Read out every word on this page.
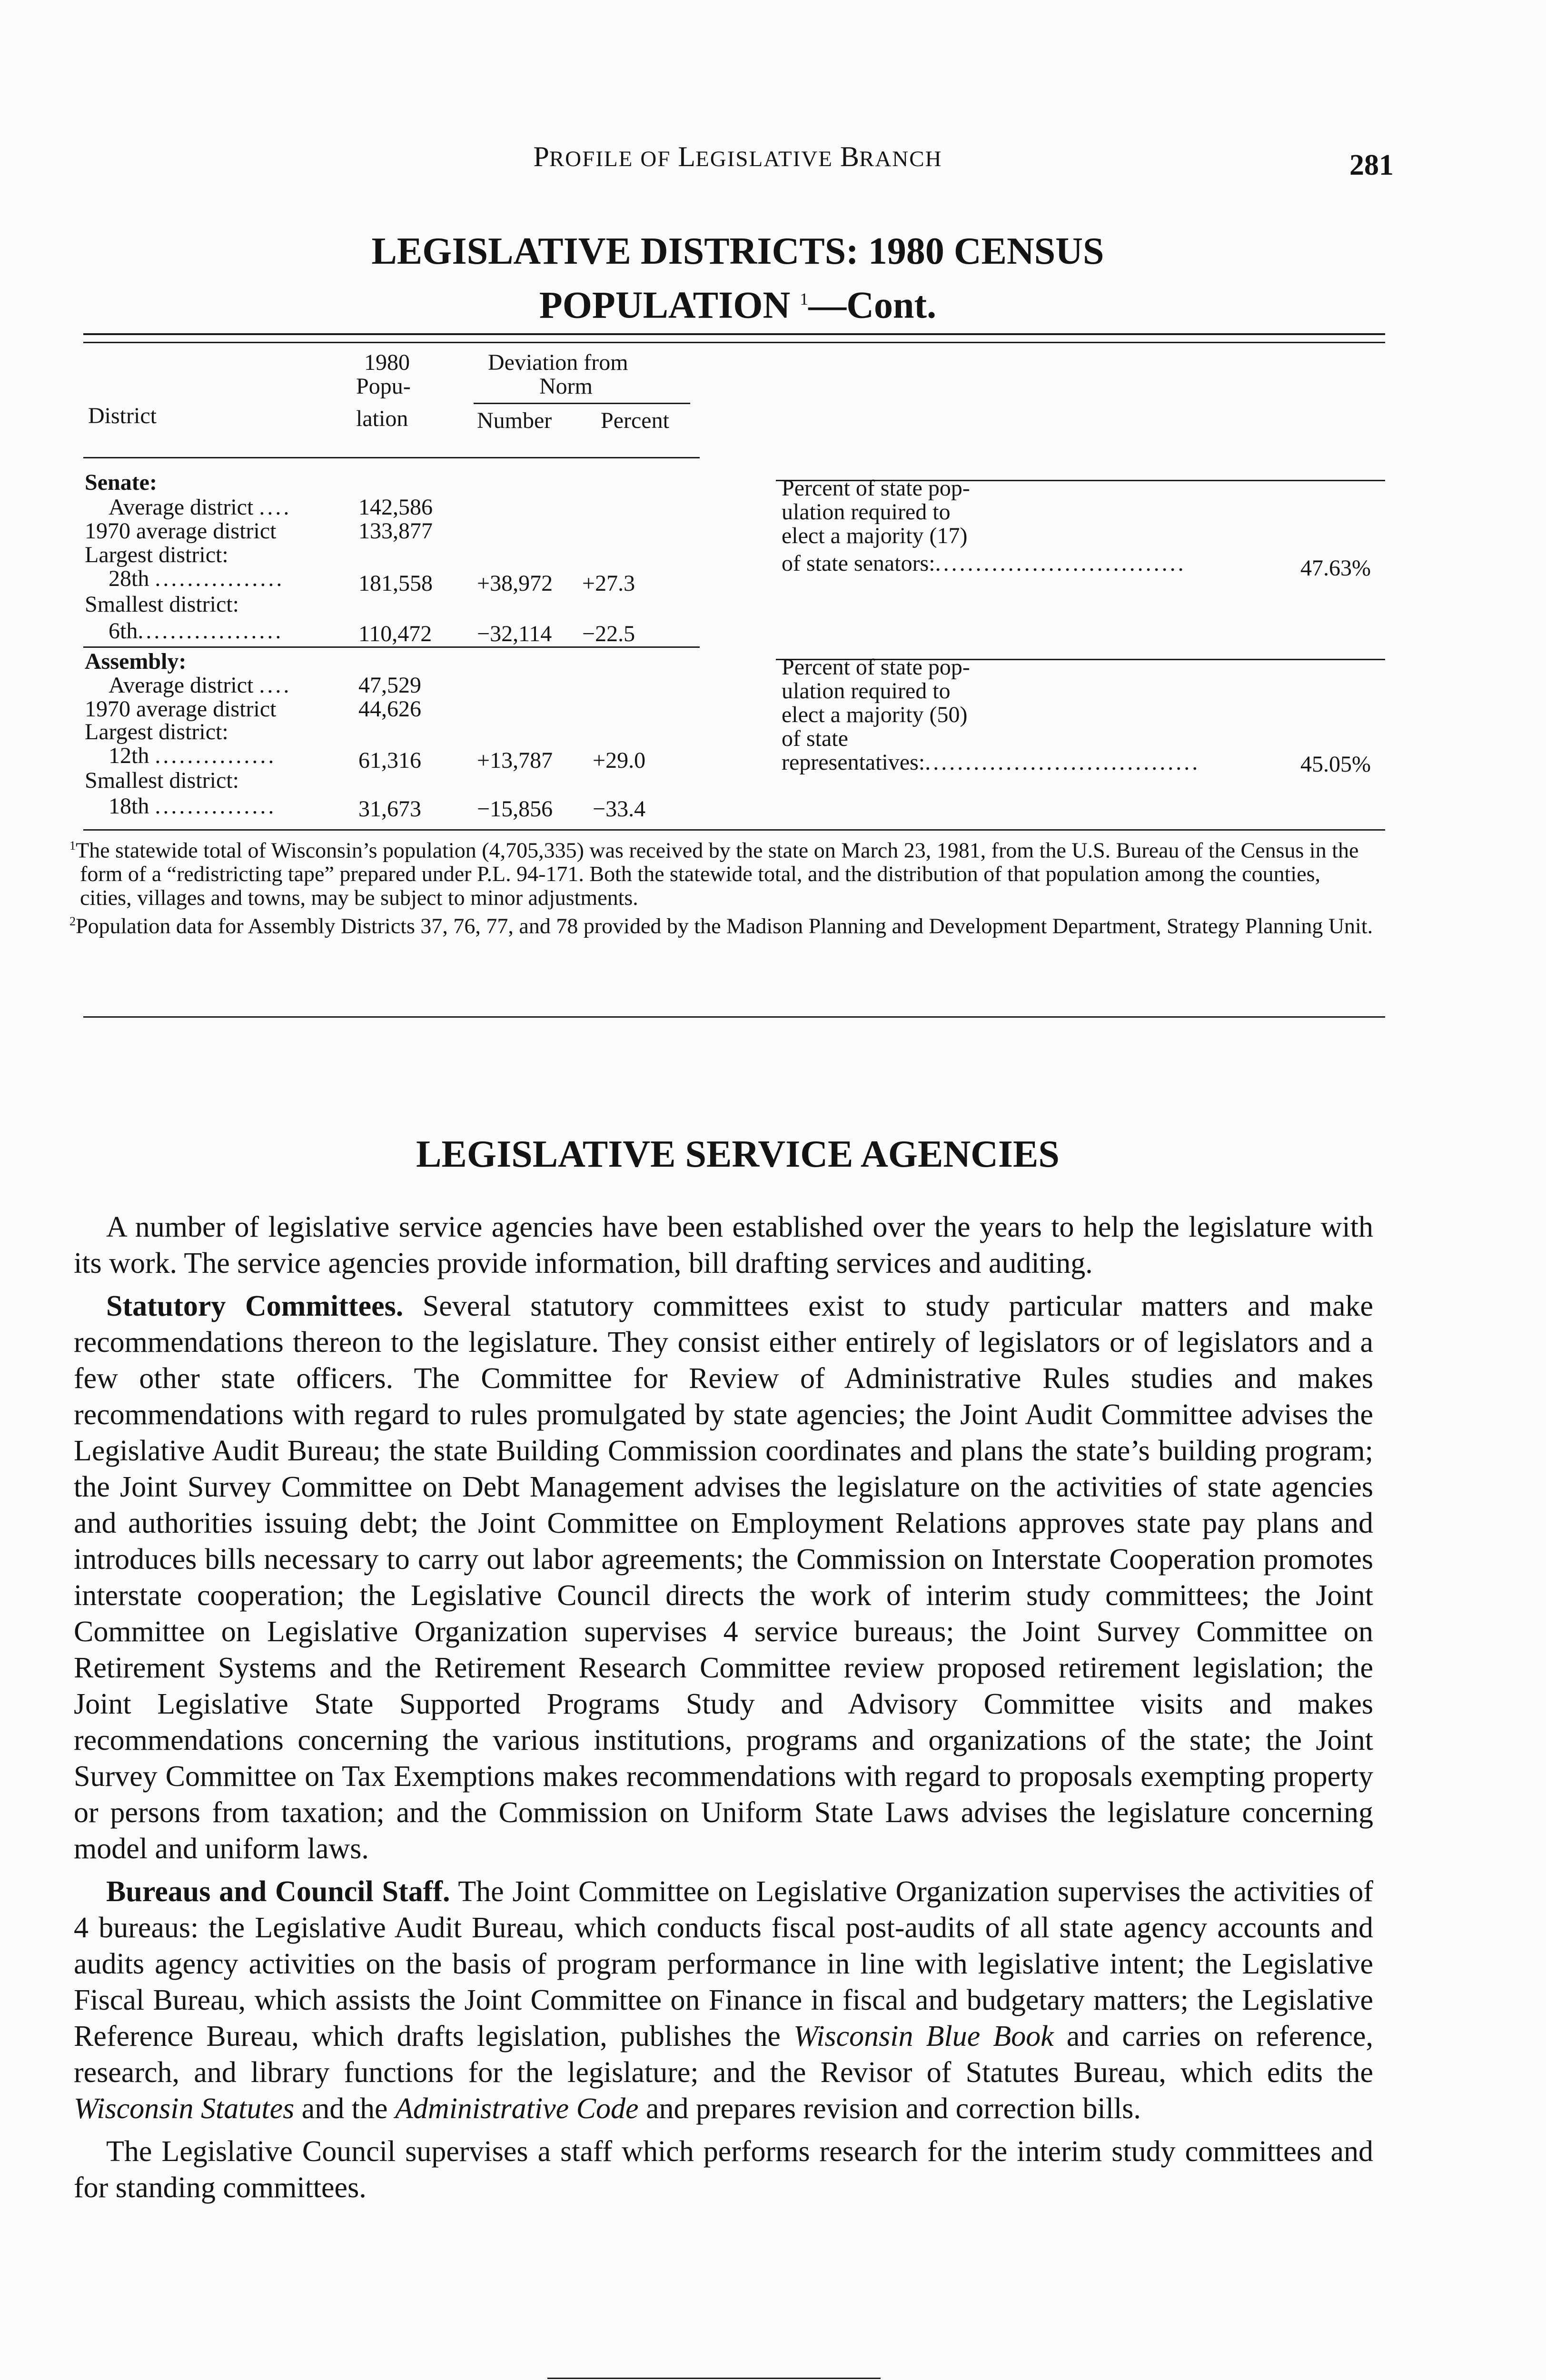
PROFILE OF LEGISLATIVE BRANCH	281
LEGISLATIVE DISTRICTS: 1980 CENSUS
POPULATION $^1$—Cont.
District
1980
Popu-
lation
Deviation from
Norm
Number Percent
Senate:
Average district ....	142,586
1970 average district	133,877
Largest district:
28th ................	181,558 +38,972 +27.3
Smallest district:
6th..................	110,472 −32,114 −22.5
Percent of state pop-
ulation required to
elect a majority (17)
of state senators:...............................	47.63%
Assembly:
Average district ....	47,529
1970 average district	44,626
Largest district:
12th ...............	61,316 +13,787 +29.0
Smallest district:
18th ...............	31,673 −15,856 −33.4
Percent of state pop-
ulation required to
elect a majority (50)
of state
representatives:..................................	45.05%

$^1$The statewide total of Wisconsin’s population (4,705,335) was received by the state on March 23, 1981, from the U.S. Bureau of the Census in the form of a “redistricting tape” prepared under P.L. 94-171. Both the statewide total, and the distribution of that population among the counties, cities, villages and towns, may be subject to minor adjustments.

$^2$Population data for Assembly Districts 37, 76, 77, and 78 provided by the Madison Planning and Development Department, Strategy Planning Unit.

LEGISLATIVE SERVICE AGENCIES

A number of legislative service agencies have been established over the years to help the legislature with its work. The service agencies provide information, bill drafting services and auditing.

Statutory Committees. Several statutory committees exist to study particular matters and make recommendations thereon to the legislature. They consist either entirely of legislators or of legislators and a few other state officers. The Committee for Review of Administrative Rules studies and makes recommendations with regard to rules promulgated by state agencies; the Joint Audit Committee advises the Legislative Audit Bureau; the state Building Commission coordinates and plans the state’s building program; the Joint Survey Committee on Debt Management advises the legislature on the activities of state agencies and authorities issuing debt; the Joint Committee on Employment Relations approves state pay plans and introduces bills necessary to carry out labor agreements; the Commission on Interstate Cooperation promotes interstate cooperation; the Legislative Council directs the work of interim study committees; the Joint Committee on Legislative Organization supervises 4 service bureaus; the Joint Survey Committee on Retirement Systems and the Retirement Research Committee review proposed retirement legislation; the Joint Legislative State Supported Programs Study and Advisory Committee visits and makes recommendations concerning the various institutions, programs and organizations of the state; the Joint Survey Committee on Tax Exemptions makes recommendations with regard to proposals exempting property or persons from taxation; and the Commission on Uniform State Laws advises the legislature concerning model and uniform laws.

Bureaus and Council Staff. The Joint Committee on Legislative Organization supervises the activities of 4 bureaus: the Legislative Audit Bureau, which conducts fiscal post-audits of all state agency accounts and audits agency activities on the basis of program performance in line with legislative intent; the Legislative Fiscal Bureau, which assists the Joint Committee on Finance in fiscal and budgetary matters; the Legislative Reference Bureau, which drafts legislation, publishes the Wisconsin Blue Book and carries on reference, research, and library functions for the legislature; and the Revisor of Statutes Bureau, which edits the Wisconsin Statutes and the Administrative Code and prepares revision and correction bills.

The Legislative Council supervises a staff which performs research for the interim study committees and for standing committees.
